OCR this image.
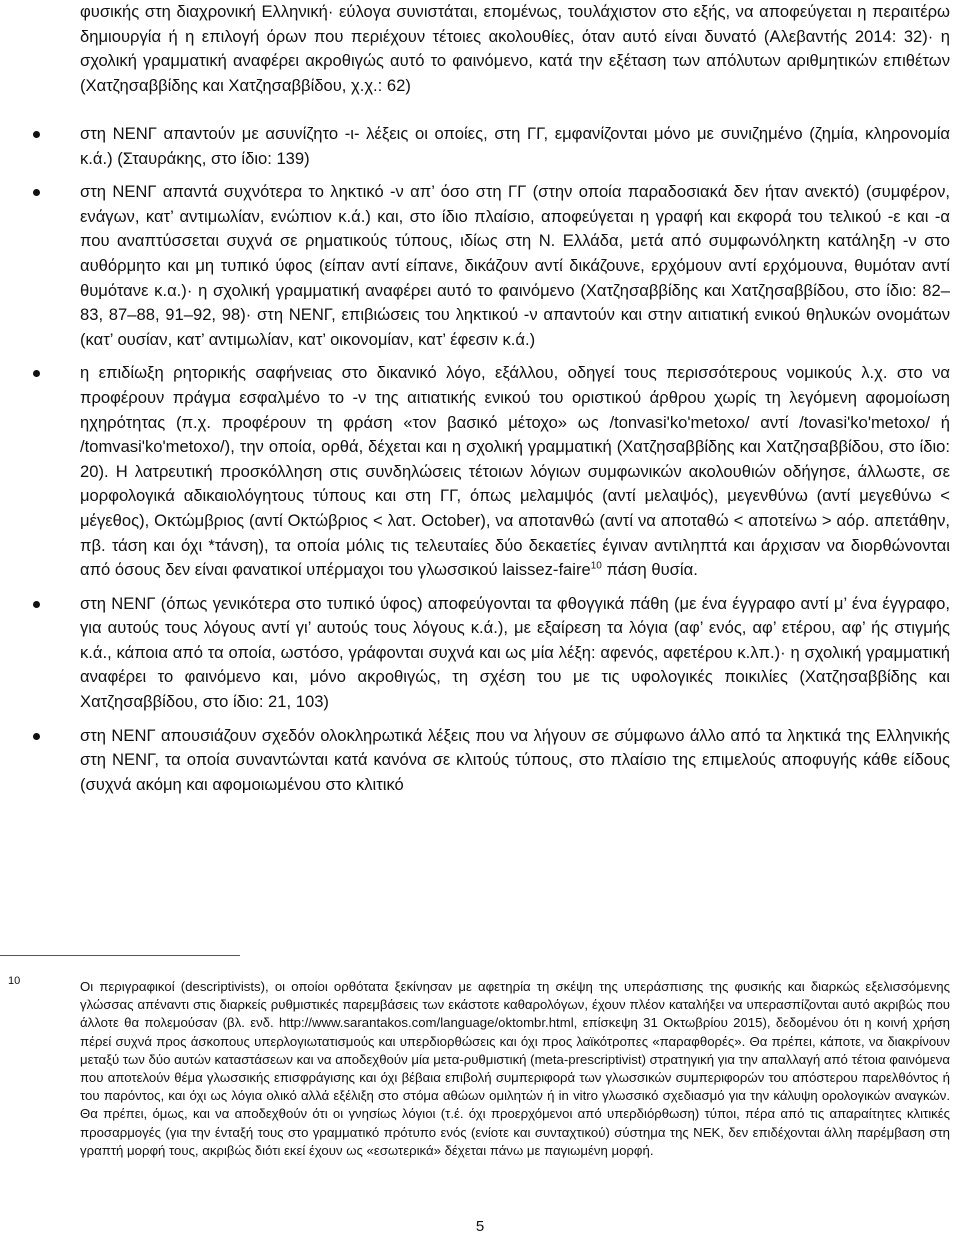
φυσικής στη διαχρονική Ελληνική· εύλογα συνιστάται, επομένως, τουλάχιστον στο εξής, να αποφεύγεται η περαιτέρω δημιουργία ή η επιλογή όρων που περιέχουν τέτοιες ακολουθίες, όταν αυτό είναι δυνατό (Αλεβαντής 2014: 32)· η σχολική γραμματική αναφέρει ακροθιγώς αυτό το φαινόμενο, κατά την εξέταση των απόλυτων αριθμητικών επιθέτων (Χατζησαββίδης και Χατζησαββίδου, χ.χ.: 62)

στη ΝΕΝΓ απαντούν με ασυνίζητο -ι- λέξεις οι οποίες, στη ΓΓ, εμφανίζονται μόνο με συνιζημένο (ζημία, κληρονομία κ.ά.) (Σταυράκης, στο ίδιο: 139)
στη ΝΕΝΓ απαντά συχνότερα το ληκτικό -ν απ’ όσο στη ΓΓ (στην οποία παραδοσιακά δεν ήταν ανεκτό) (συμφέρον, ενάγων, κατ’ αντιμωλίαν, ενώπιον κ.ά.) και, στο ίδιο πλαίσιο, αποφεύγεται η γραφή και εκφορά του τελικού -ε και -α που αναπτύσσεται συχνά σε ρηματικούς τύπους, ιδίως στη Ν. Ελλάδα, μετά από συμφωνόληκτη κατάληξη -ν στο αυθόρμητο και μη τυπικό ύφος (είπαν αντί είπανε, δικάζουν αντί δικάζουνε, ερχόμουν αντί ερχόμουνα, θυμόταν αντί θυμότανε κ.α.)· η σχολική γραμματική αναφέρει αυτό το φαινόμενο (Χατζησαββίδης και Χατζησαββίδου, στο ίδιο: 82–83, 87–88, 91–92, 98)· στη ΝΕΝΓ, επιβιώσεις του ληκτικού -ν απαντούν και στην αιτιατική ενικού θηλυκών ονομάτων (κατ’ ουσίαν, κατ’ αντιμωλίαν, κατ’ οικονομίαν, κατ’ έφεσιν κ.ά.)
η επιδίωξη ρητορικής σαφήνειας στο δικανικό λόγο, εξάλλου, οδηγεί τους περισσότερους νομικούς λ.χ. στο να προφέρουν πράγμα εσφαλμένο το -ν της αιτιατικής ενικού του οριστικού άρθρου χωρίς τη λεγόμενη αφομοίωση ηχηρότητας (π.χ. προφέρουν τη φράση «τον βασικό μέτοχο» ως /tonvasi'ko'metoxo/ αντί /tovasi'ko'metoxo/ ή /tomvasi'ko'metoxo/), την οποία, ορθά, δέχεται και η σχολική γραμματική (Χατζησαββίδης και Χατζησαββίδου, στο ίδιο: 20). Η λατρευτική προσκόλληση στις συνδηλώσεις τέτοιων λόγιων συμφωνικών ακολουθιών οδήγησε, άλλωστε, σε μορφολογικά αδικαιολόγητους τύπους και στη ΓΓ, όπως μελαμψός (αντί μελαψός), μεγενθύνω (αντί μεγεθύνω < μέγεθος), Οκτώμβριος (αντί Οκτώβριος < λατ. October), να αποτανθώ (αντί να αποταθώ < αποτείνω > αόρ. απετάθην, πβ. τάση και όχι *τάνση), τα οποία μόλις τις τελευταίες δύο δεκαετίες έγιναν αντιληπτά και άρχισαν να διορθώνονται από όσους δεν είναι φανατικοί υπέρμαχοι του γλωσσικού laissez-faire$^{10}$ πάση θυσία.
στη ΝΕΝΓ (όπως γενικότερα στο τυπικό ύφος) αποφεύγονται τα φθογγικά πάθη (με ένα έγγραφο αντί μ’ ένα έγγραφο, για αυτούς τους λόγους αντί γι’ αυτούς τους λόγους κ.ά.), με εξαίρεση τα λόγια (αφ’ ενός, αφ’ ετέρου, αφ’ ής στιγμής κ.ά., κάποια από τα οποία, ωστόσο, γράφονται συχνά και ως μία λέξη: αφενός, αφετέρου κ.λπ.)· η σχολική γραμματική αναφέρει το φαινόμενο και, μόνο ακροθιγώς, τη σχέση του με τις υφολογικές ποικιλίες (Χατζησαββίδης και Χατζησαββίδου, στο ίδιο: 21, 103)
στη ΝΕΝΓ απουσιάζουν σχεδόν ολοκληρωτικά λέξεις που να λήγουν σε σύμφωνο άλλο από τα ληκτικά της Ελληνικής στη ΝΕΝΓ, τα οποία συναντώνται κατά κανόνα σε κλιτούς τύπους, στο πλαίσιο της επιμελούς αποφυγής κάθε είδους (συχνά ακόμη και αφομοιωμένου στο κλιτικό
10	Οι περιγραφικοί (descriptivists), οι οποίοι ορθότατα ξεκίνησαν με αφετηρία τη σκέψη της υπεράσπισης της φυσικής και διαρκώς εξελισσόμενης γλώσσας απέναντι στις διαρκείς ρυθμιστικές παρεμβάσεις των εκάστοτε καθαρολόγων, έχουν πλέον καταλήξει να υπερασπίζονται αυτό ακριβώς που άλλοτε θα πολεμούσαν (βλ. ενδ. http://www.sarantakos.com/language/oktombr.html, επίσκεψη 31 Οκτωβρίου 2015), δεδομένου ότι η κοινή χρήση πέρεί συχνά προς άσκοπους υπερλογιωτατισμούς και υπερδιορθώσεις και όχι προς λαϊκότροπες «παραφθορές». Θα πρέπει, κάποτε, να διακρίνουν μεταξύ των δύο αυτών καταστάσεων και να αποδεχθούν μία μετα-ρυθμιστική (meta-prescriptivist) στρατηγική για την απαλλαγή από τέτοια φαινόμενα που αποτελούν θέμα γλωσσικής επισφράγισης και όχι βέβαια επιβολή συμπεριφορά των γλωσσικών συμπεριφορών του απόστερου παρελθόντος ή του παρόντος, και όχι ως λόγια ολικό αλλά εξέλιξη στο στόμα αθώων ομιλητών ή in vitro γλωσσικό σχεδιασμό για την κάλυψη ορολογικών αναγκών. Θα πρέπει, όμως, και να αποδεχθούν ότι οι γνησίως λόγιοι (τ.έ. όχι προερχόμενοι από υπερδιόρθωση) τύποι, πέρα από τις απαραίτητες κλιτικές προσαρμογές (για την ένταξή τους στο γραμματικό πρότυπο ενός (ενίοτε και συνταχτικού) σύστημα της ΝΕΚ, δεν επιδέχονται άλλη παρέμβαση στη γραπτή μορφή τους, ακριβώς διότι εκεί έχουν ως «εσωτερικά» δέχεται πάνω με παγιωμένη μορφή.

5
